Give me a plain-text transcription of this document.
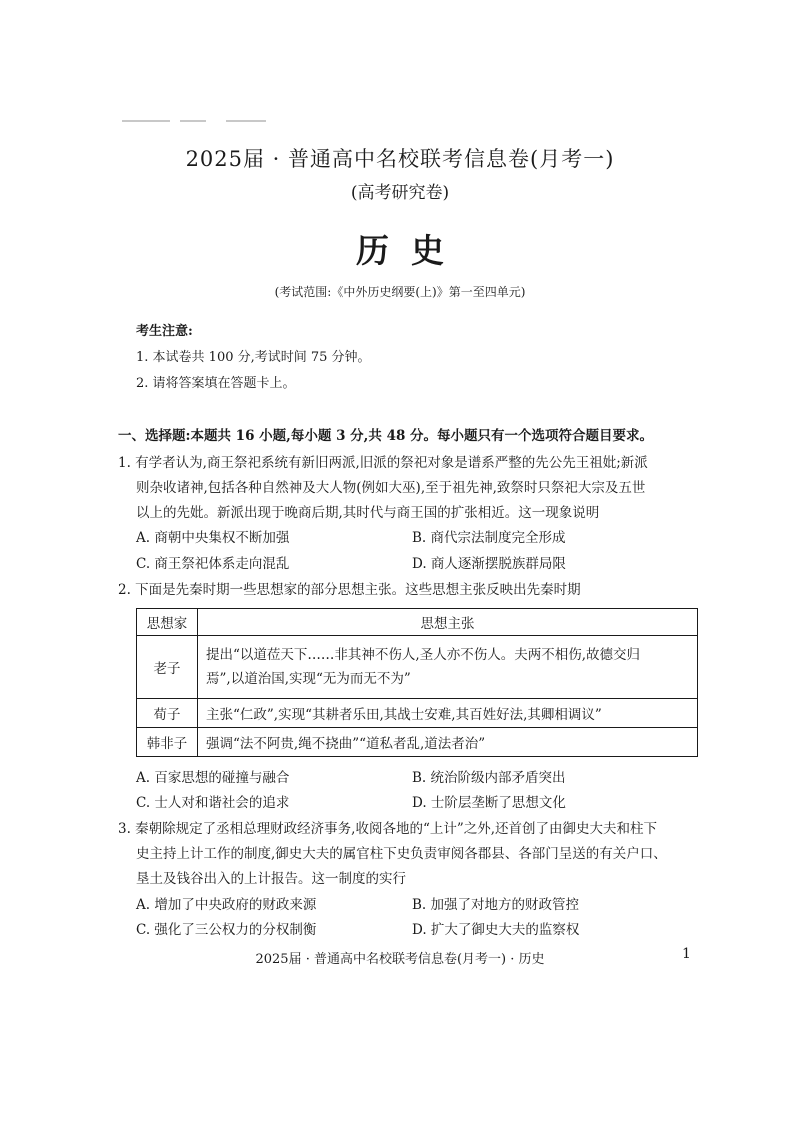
2025届 · 普通高中名校联考信息卷(月考一)
(高考研究卷)
历史
(考试范围:《中外历史纲要(上)》第一至四单元)
考生注意:
1. 本试卷共 100 分,考试时间 75 分钟。
2. 请将答案填在答题卡上。
一、选择题:本题共 16 小题,每小题 3 分,共 48 分。每小题只有一个选项符合题目要求。
1. 有学者认为,商王祭祀系统有新旧两派,旧派的祭祀对象是谱系严整的先公先王祖妣;新派
则杂收诸神,包括各种自然神及大人物(例如大巫),至于祖先神,致祭时只祭祀大宗及五世
以上的先妣。新派出现于晚商后期,其时代与商王国的扩张相近。这一现象说明
A. 商朝中央集权不断加强	B. 商代宗法制度完全形成
C. 商王祭祀体系走向混乱	D. 商人逐渐摆脱族群局限
2. 下面是先秦时期一些思想家的部分思想主张。这些思想主张反映出先秦时期
思想家	思想主张
老子	提出“以道莅天下……非其神不伤人,圣人亦不伤人。夫两不相伤,故德交归
焉”,以道治国,实现“无为而无不为”

荀子	主张“仁政”,实现“其耕者乐田,其战士安难,其百姓好法,其卿相调议”
韩非子	强调“法不阿贵,绳不挠曲”“道私者乱,道法者治”
A. 百家思想的碰撞与融合	B. 统治阶级内部矛盾突出
C. 士人对和谐社会的追求	D. 士阶层垄断了思想文化
3. 秦朝除规定了丞相总理财政经济事务,收阅各地的“上计”之外,还首创了由御史大夫和柱下
史主持上计工作的制度,御史大夫的属官柱下史负责审阅各郡县、各部门呈送的有关户口、
垦土及钱谷出入的上计报告。这一制度的实行
A. 增加了中央政府的财政来源	B. 加强了对地方的财政管控
C. 强化了三公权力的分权制衡	D. 扩大了御史大夫的监察权
2025届 · 普通高中名校联考信息卷(月考一) · 历史	1
